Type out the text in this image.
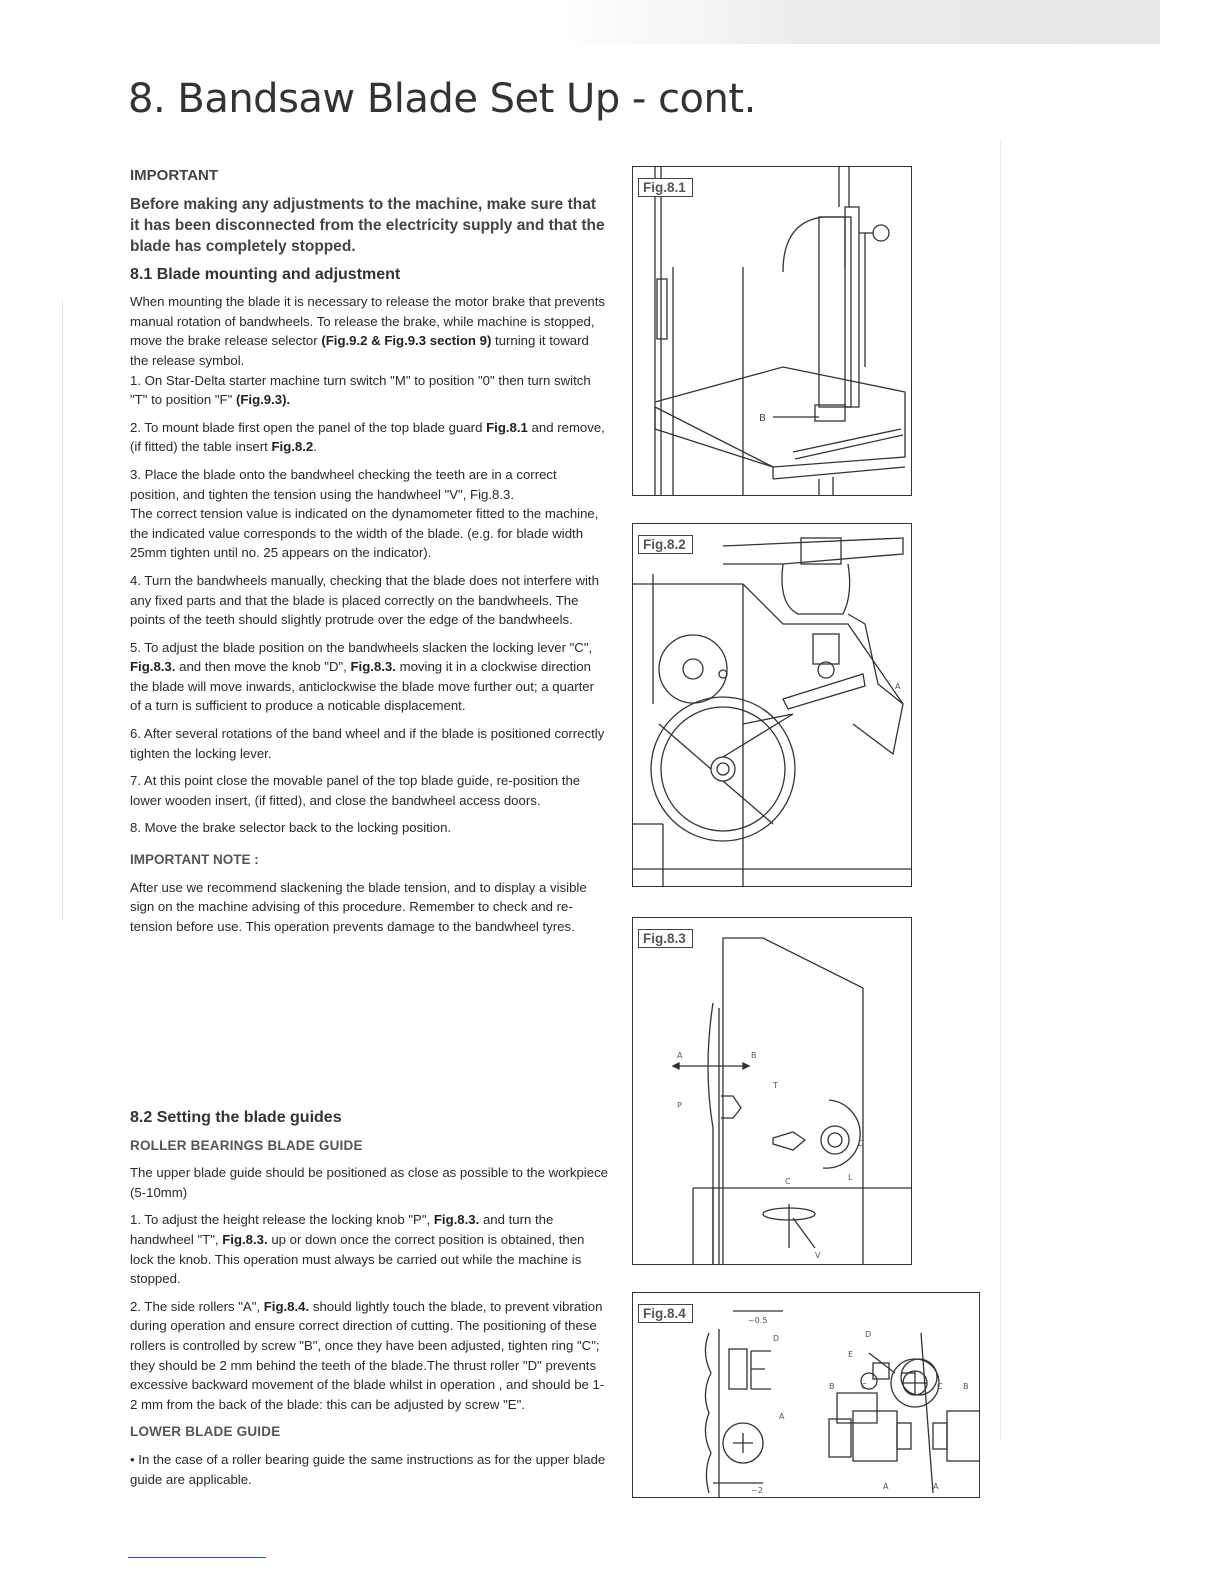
8. Bandsaw Blade Set Up - cont.

IMPORTANT

Before making any adjustments to the machine, make sure that it has been disconnected from the electricity supply and that the blade has completely stopped.

8.1 Blade mounting and adjustment

When mounting the blade it is necessary to release the motor brake that prevents manual rotation of bandwheels. To release the brake, while machine is stopped, move the brake release selector (Fig.9.2 & Fig.9.3 section 9) turning it toward the release symbol.

1. On Star-Delta starter machine turn switch "M" to position "0" then turn switch "T" to position "F" (Fig.9.3).

2. To mount blade first open the panel of the top blade guard Fig.8.1 and remove, (if fitted) the table insert Fig.8.2.

3. Place the blade onto the bandwheel checking the teeth are in a correct position, and tighten the tension using the handwheel "V", Fig.8.3.
The correct tension value is indicated on the dynamometer fitted to the machine, the indicated value corresponds to the width of the blade. (e.g. for blade width 25mm tighten until no. 25 appears on the indicator).

4. Turn the bandwheels manually, checking that the blade does not interfere with any fixed parts and that the blade is placed correctly on the bandwheels. The points of the teeth should slightly protrude over the edge of the bandwheels.

5. To adjust the blade position on the bandwheels slacken the locking lever "C", Fig.8.3. and then move the knob "D", Fig.8.3. moving it in a clockwise direction the blade will move inwards, anticlockwise the blade move further out; a quarter of a turn is sufficient to produce a noticable displacement.

6. After several rotations of the band wheel and if the blade is positioned correctly tighten the locking lever.

7. At this point close the movable panel of the top blade guide, re-position the lower wooden insert, (if fitted), and close the bandwheel access doors.

8. Move the brake selector back to the locking position.

IMPORTANT NOTE :

After use we recommend slackening the blade tension, and to display a visible sign on the machine advising of this procedure. Remember to check and re-tension before use. This operation prevents damage to the bandwheel tyres.

8.2 Setting the blade guides

ROLLER BEARINGS BLADE GUIDE

The upper blade guide should be positioned as close as possible to the workpiece (5-10mm)

1. To adjust the height release the locking knob "P", Fig.8.3. and turn the handwheel "T", Fig.8.3. up or down once the correct position is obtained, then lock the knob. This operation must always be carried out while the machine is stopped.

2. The side rollers "A", Fig.8.4. should lightly touch the blade, to prevent vibration during operation and ensure correct direction of cutting. The positioning of these rollers is controlled by screw "B", once they have been adjusted, tighten ring "C"; they should be 2 mm behind the teeth of the blade.The thrust roller "D" prevents excessive backward movement of the blade whilst in operation , and should be 1-2 mm from the back of the blade: this can be adjusted by screw "E".

LOWER BLADE GUIDE

• In the case of a roller bearing guide the same instructions as for the upper blade guide are applicable.

B
Fig.8.1
A
Fig.8.2
A	B
P
T
D
L
C
V
Fig.8.3
~0.5
~2
D	D
E
A
B	C	C	B
A	A
Fig.8.4
